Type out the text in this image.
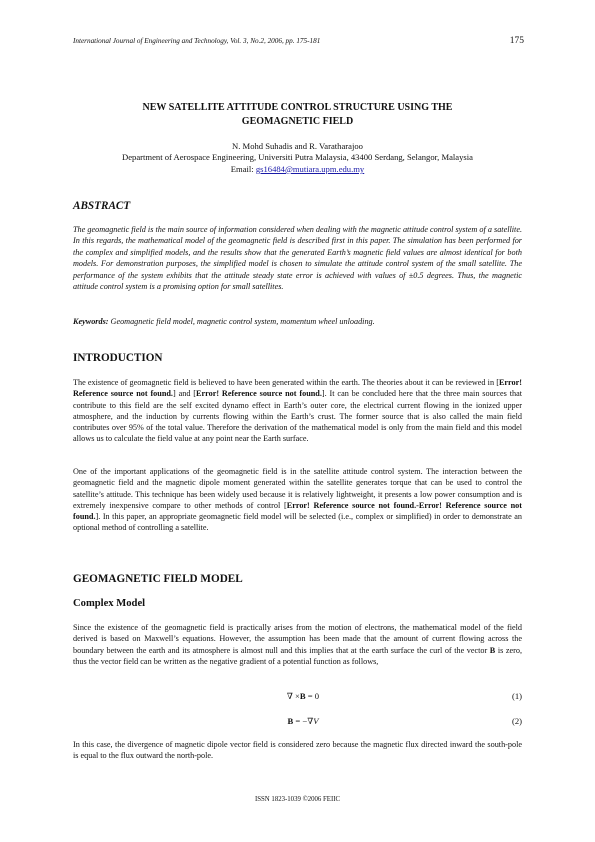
International Journal of Engineering and Technology, Vol. 3, No.2, 2006, pp. 175-181	175
NEW SATELLITE ATTITUDE CONTROL STRUCTURE USING THE
GEOMAGNETIC FIELD
N. Mohd Suhadis and R. Varatharajoo
Department of Aerospace Engineering, Universiti Putra Malaysia, 43400 Serdang, Selangor, Malaysia
Email: gs16484@mutiara.upm.edu.my
ABSTRACT
The geomagnetic field is the main source of information considered when dealing with the magnetic attitude control system of a satellite. In this regards, the mathematical model of the geomagnetic field is described first in this paper. The simulation has been performed for the complex and simplified models, and the results show that the generated Earth’s magnetic field values are almost identical for both models. For demonstration purposes, the simplified model is chosen to simulate the attitude control system of the small satellite. The performance of the system exhibits that the attitude steady state error is achieved with values of ±0.5 degrees. Thus, the magnetic attitude control system is a promising option for small satellites.
Keywords: Geomagnetic field model, magnetic control system, momentum wheel unloading.
INTRODUCTION
The existence of geomagnetic field is believed to have been generated within the earth. The theories about it can be reviewed in [Error! Reference source not found.] and [Error! Reference source not found.]. It can be concluded here that the three main sources that contribute to this field are the self excited dynamo effect in Earth’s outer core, the electrical current flowing in the ionized upper atmosphere, and the induction by currents flowing within the Earth’s crust. The former source that is also called the main field contributes over 95% of the total value. Therefore the derivation of the mathematical model is only from the main field and this model allows us to calculate the field value at any point near the Earth surface.
One of the important applications of the geomagnetic field is in the satellite attitude control system. The interaction between the geomagnetic field and the magnetic dipole moment generated within the satellite generates torque that can be used to control the satellite’s attitude. This technique has been widely used because it is relatively lightweight, it presents a low power consumption and is extremely inexpensive compare to other methods of control [Error! Reference source not found.-Error! Reference source not found.]. In this paper, an appropriate geomagnetic field model will be selected (i.e., complex or simplified) in order to demonstrate an optional method of controlling a satellite.
GEOMAGNETIC FIELD MODEL
Complex Model
Since the existence of the geomagnetic field is practically arises from the motion of electrons, the mathematical model of the field derived is based on Maxwell’s equations. However, the assumption has been made that the amount of current flowing across the boundary between the earth and its atmosphere is almost null and this implies that at the earth surface the curl of the vector B is zero, thus the vector field can be written as the negative gradient of a potential function as follows,
∇ ×B = 0	(1)
B = −∇V	(2)
In this case, the divergence of magnetic dipole vector field is considered zero because the magnetic flux directed inward the south-pole is equal to the flux outward the north-pole.
ISSN 1823-1039 ©2006 FEIIC
